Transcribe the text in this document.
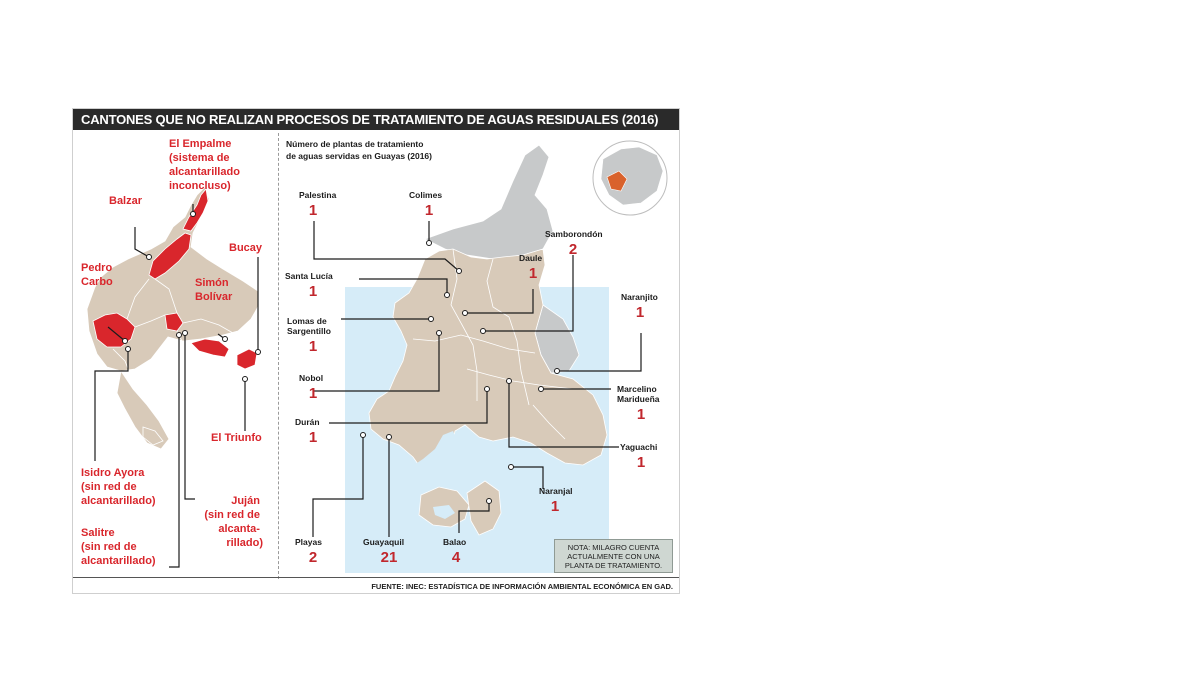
CANTONES QUE NO REALIZAN PROCESOS DE TRATAMIENTO DE AGUAS RESIDUALES (2016)
El Empalme (sistema de alcantarillado inconcluso)
Balzar
Bucay
Pedro Carbo	Simón Bolívar
El Triunfo
Isidro Ayora (sin red de alcantarillado)	Juján (sin red de alcanta- rillado)
Salitre (sin red de alcantarillado)
Número de plantas de tratamiento de aguas servidas en Guayas (2016)
Palestina
1
Colimes
1
Samborondón
2
Daule
1
Santa Lucía
1	Naranjito
1
Lomas de Sargentillo
1
Nobol
1	Marcelino Maridueña
1
Durán
1
Yaguachi
1
Naranjal
1
Playas
2
Guayaquil
21
Balao
4
NOTA: MILAGRO CUENTA
ACTUALMENTE CON UNA
PLANTA DE TRATAMIENTO.
FUENTE: INEC: ESTADÍSTICA DE INFORMACIÓN AMBIENTAL ECONÓMICA EN GAD.
